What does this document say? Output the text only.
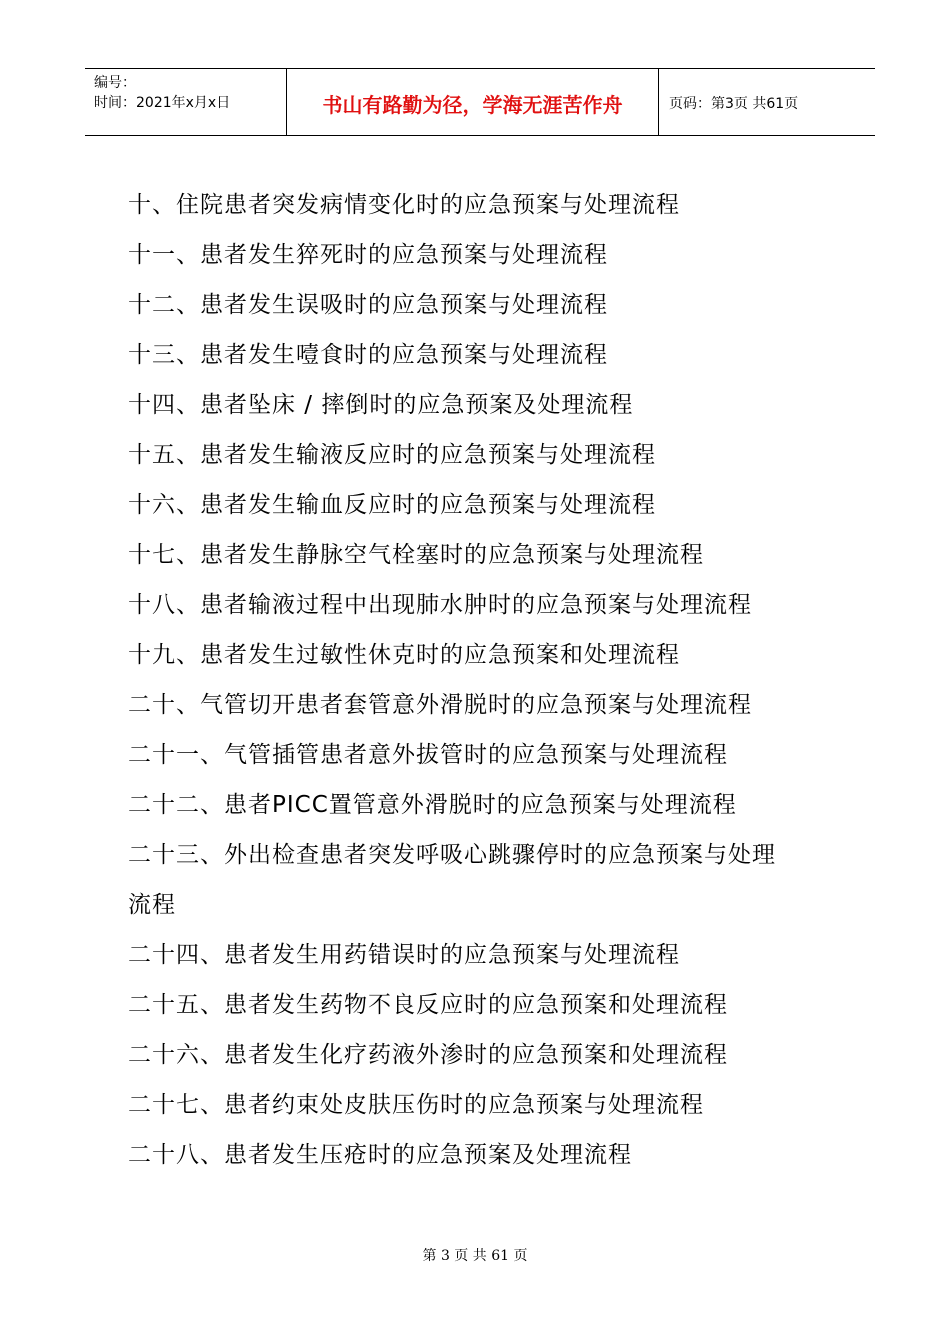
编号：
时间：2021年x月x日	书山有路勤为径，学海无涯苦作舟	页码：第3页 共61页
十、住院患者突发病情变化时的应急预案与处理流程
十一、患者发生猝死时的应急预案与处理流程
十二、患者发生误吸时的应急预案与处理流程
十三、患者发生噎食时的应急预案与处理流程
十四、患者坠床 / 摔倒时的应急预案及处理流程
十五、患者发生输液反应时的应急预案与处理流程
十六、患者发生输血反应时的应急预案与处理流程
十七、患者发生静脉空气栓塞时的应急预案与处理流程
十八、患者输液过程中出现肺水肿时的应急预案与处理流程
十九、患者发生过敏性休克时的应急预案和处理流程
二十、气管切开患者套管意外滑脱时的应急预案与处理流程
二十一、气管插管患者意外拔管时的应急预案与处理流程
二十二、患者PICC置管意外滑脱时的应急预案与处理流程
二十三、外出检查患者突发呼吸心跳骤停时的应急预案与处理
流程
二十四、患者发生用药错误时的应急预案与处理流程
二十五、患者发生药物不良反应时的应急预案和处理流程
二十六、患者发生化疗药液外渗时的应急预案和处理流程
二十七、患者约束处皮肤压伤时的应急预案与处理流程
二十八、患者发生压疮时的应急预案及处理流程
第 3 页 共 61 页
